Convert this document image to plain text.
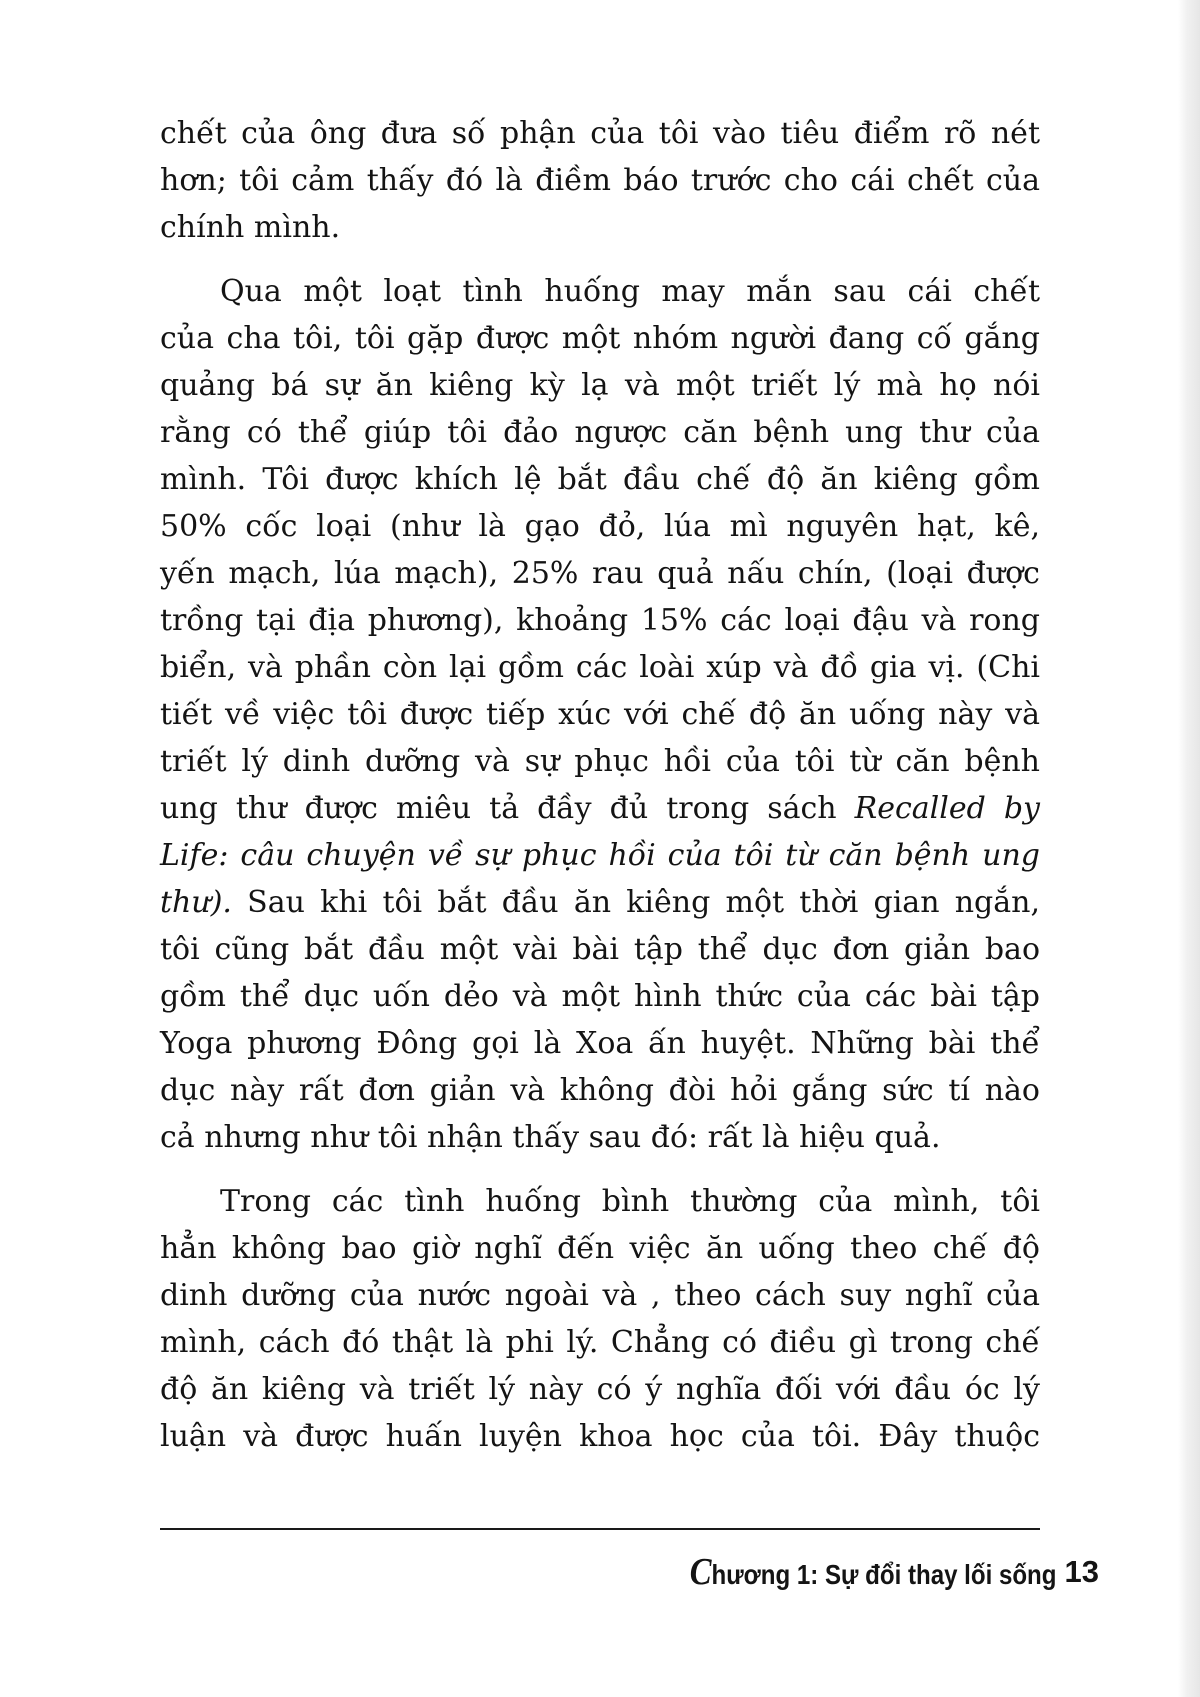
chết của ông đưa số phận của tôi vào tiêu điểm rõ nét
hơn; tôi cảm thấy đó là điềm báo trước cho cái chết của
chính mình.

Qua một loạt tình huống may mắn sau cái chết
của cha tôi, tôi gặp được một nhóm người đang cố gắng
quảng bá sự ăn kiêng kỳ lạ và một triết lý mà họ nói
rằng có thể giúp tôi đảo ngược căn bệnh ung thư của
mình. Tôi được khích lệ bắt đầu chế độ ăn kiêng gồm
50% cốc loại (như là gạo đỏ, lúa mì nguyên hạt, kê,
yến mạch, lúa mạch), 25% rau quả nấu chín, (loại được
trồng tại địa phương), khoảng 15% các loại đậu và rong
biển, và phần còn lại gồm các loài xúp và đồ gia vị. (Chi
tiết về việc tôi được tiếp xúc với chế độ ăn uống này và
triết lý dinh dưỡng và sự phục hồi của tôi từ căn bệnh
ung thư được miêu tả đầy đủ trong sách Recalled by
Life: câu chuyện về sự phục hồi của tôi từ căn bệnh ung
thư). Sau khi tôi bắt đầu ăn kiêng một thời gian ngắn,
tôi cũng bắt đầu một vài bài tập thể dục đơn giản bao
gồm thể dục uốn dẻo và một hình thức của các bài tập
Yoga phương Đông gọi là Xoa ấn huyệt. Những bài thể
dục này rất đơn giản và không đòi hỏi gắng sức tí nào
cả nhưng như tôi nhận thấy sau đó: rất là hiệu quả.

Trong các tình huống bình thường của mình, tôi
hẳn không bao giờ nghĩ đến việc ăn uống theo chế độ
dinh dưỡng của nước ngoài và , theo cách suy nghĩ của
mình, cách đó thật là phi lý. Chẳng có điều gì trong chế
độ ăn kiêng và triết lý này có ý nghĩa đối với đầu óc lý
luận và được huấn luyện khoa học của tôi. Đây thuộc

Chương 1: Sự đổi thay lối sống 13
